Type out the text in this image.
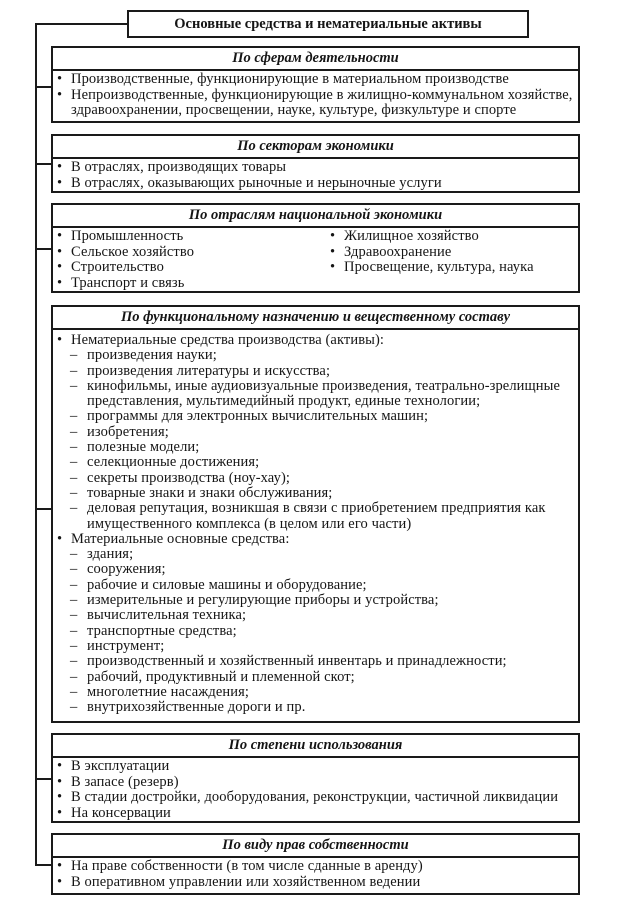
Основные средства и нематериальные активы
По сферам деятельности
• Производственные, функционирующие в материальном производстве
• Непроизводственные, функционирующие в жилищно-коммунальном хозяйстве,
здравоохранении, просвещении, науке, культуре, физкультуре и спорте
По секторам экономики
• В отраслях, производящих товары
• В отраслях, оказывающих рыночные и нерыночные услуги
По отраслям национальной экономики
• Промышленность
• Сельское хозяйство
• Строительство
• Транспорт и связь
• Жилищное хозяйство
• Здравоохранение
• Просвещение, культура, наука
По функциональному назначению и вещественному составу
• Нематериальные средства производства (активы):
– произведения науки;
– произведения литературы и искусства;
– кинофильмы, иные аудиовизуальные произведения, театрально-зрелищные
представления, мультимедийный продукт, единые технологии;
– программы для электронных вычислительных машин;
– изобретения;
– полезные модели;
– селекционные достижения;
– секреты производства (ноу-хау);
– товарные знаки и знаки обслуживания;
– деловая репутация, возникшая в связи с приобретением предприятия как
имущественного комплекса (в целом или его части)
• Материальные основные средства:
– здания;
– сооружения;
– рабочие и силовые машины и оборудование;
– измерительные и регулирующие приборы и устройства;
– вычислительная техника;
– транспортные средства;
– инструмент;
– производственный и хозяйственный инвентарь и принадлежности;
– рабочий, продуктивный и племенной скот;
– многолетние насаждения;
– внутрихозяйственные дороги и пр.
По степени использования
• В эксплуатации
• В запасе (резерв)
• В стадии достройки, дооборудования, реконструкции, частичной ликвидации
• На консервации
По виду прав собственности
• На праве собственности (в том числе сданные в аренду)
• В оперативном управлении или хозяйственном ведении
